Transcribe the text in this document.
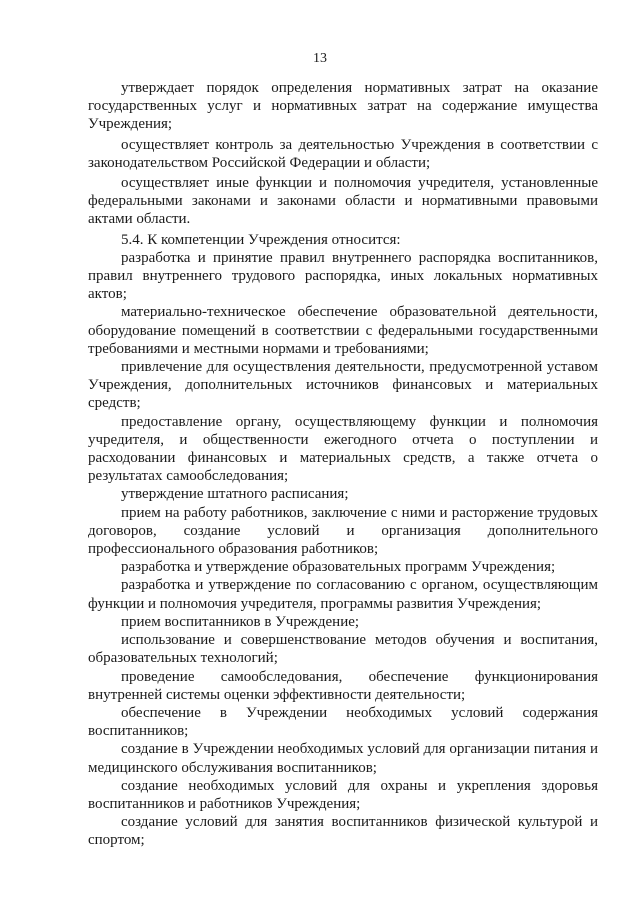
13

утверждает порядок определения нормативных затрат на оказание государственных услуг и нормативных затрат на содержание имущества Учреждения;

осуществляет контроль за деятельностью Учреждения в соответствии с законодательством Российской Федерации и области;

осуществляет иные функции и полномочия учредителя, установленные федеральными законами и законами области и нормативными правовыми актами области.

5.4. К компетенции Учреждения относится:

разработка и принятие правил внутреннего распорядка воспитанников, правил внутреннего трудового распорядка, иных локальных нормативных актов;

материально-техническое обеспечение образовательной деятельности, оборудование помещений в соответствии с федеральными государственными требованиями и местными нормами и требованиями;

привлечение для осуществления деятельности, предусмотренной уставом Учреждения, дополнительных источников финансовых и материальных средств;

предоставление органу, осуществляющему функции и полномочия учредителя, и общественности ежегодного отчета о поступлении и расходовании финансовых и материальных средств, а также отчета о результатах самообследования;

утверждение штатного расписания;

прием на работу работников, заключение с ними и расторжение трудовых договоров, создание условий и организация дополнительного профессионального образования работников;

разработка и утверждение образовательных программ Учреждения;

разработка и утверждение по согласованию с органом, осуществляющим функции и полномочия учредителя, программы развития Учреждения;

прием воспитанников в Учреждение;

использование и совершенствование методов обучения и воспитания, образовательных технологий;

проведение самообследования, обеспечение функционирования внутренней системы оценки эффективности деятельности;

обеспечение в Учреждении необходимых условий содержания воспитанников;

создание в Учреждении необходимых условий для организации питания и медицинского обслуживания воспитанников;

создание необходимых условий для охраны и укрепления здоровья воспитанников и работников Учреждения;

создание условий для занятия воспитанников физической культурой и спортом;
